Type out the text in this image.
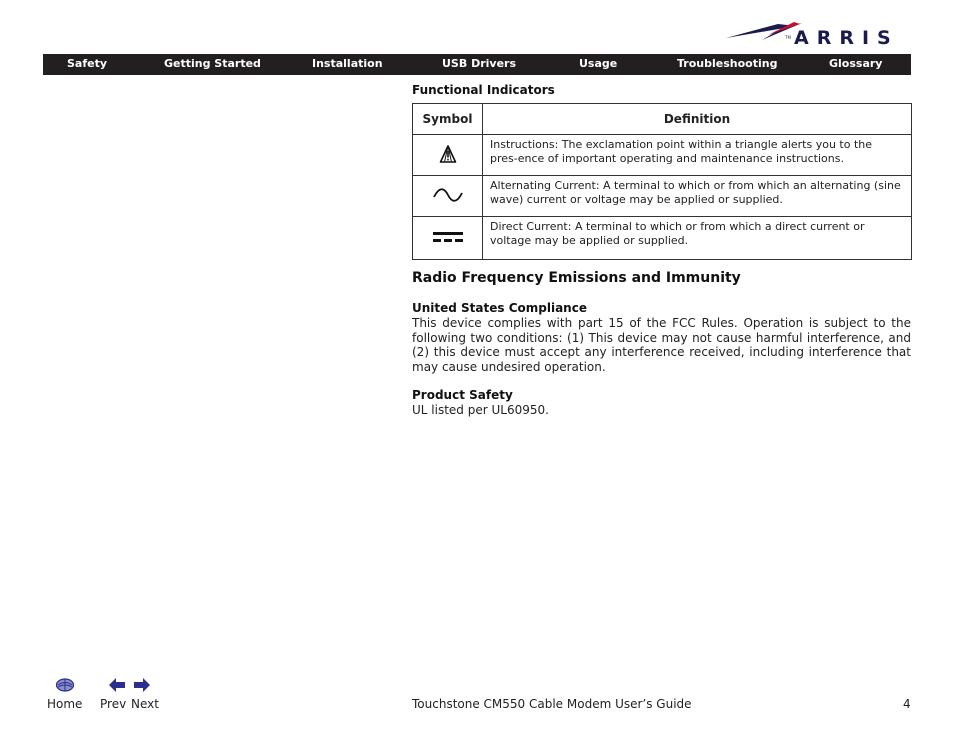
TM ARRIS
Safety	Getting Started	Installation	USB Drivers	Usage	Troubleshooting	Glossary
Functional Indicators
Symbol	Definition
	Instructions: The exclamation point within a triangle alerts you to the pres-ence of important operating and maintenance instructions.
	Alternating Current: A terminal to which or from which an alternating (sine wave) current or voltage may be applied or supplied.
	Direct Current: A terminal to which or from which a direct current or voltage may be applied or supplied.
Radio Frequency Emissions and Immunity
United States Compliance
This device complies with part 15 of the FCC Rules. Operation is subject to the following two conditions: (1) This device may not cause harmful interference, and (2) this device must accept any interference received, including interference that may cause undesired operation.
Product Safety
UL listed per UL60950.
Home Prev Next	Touchstone CM550 Cable Modem User’s Guide	4
